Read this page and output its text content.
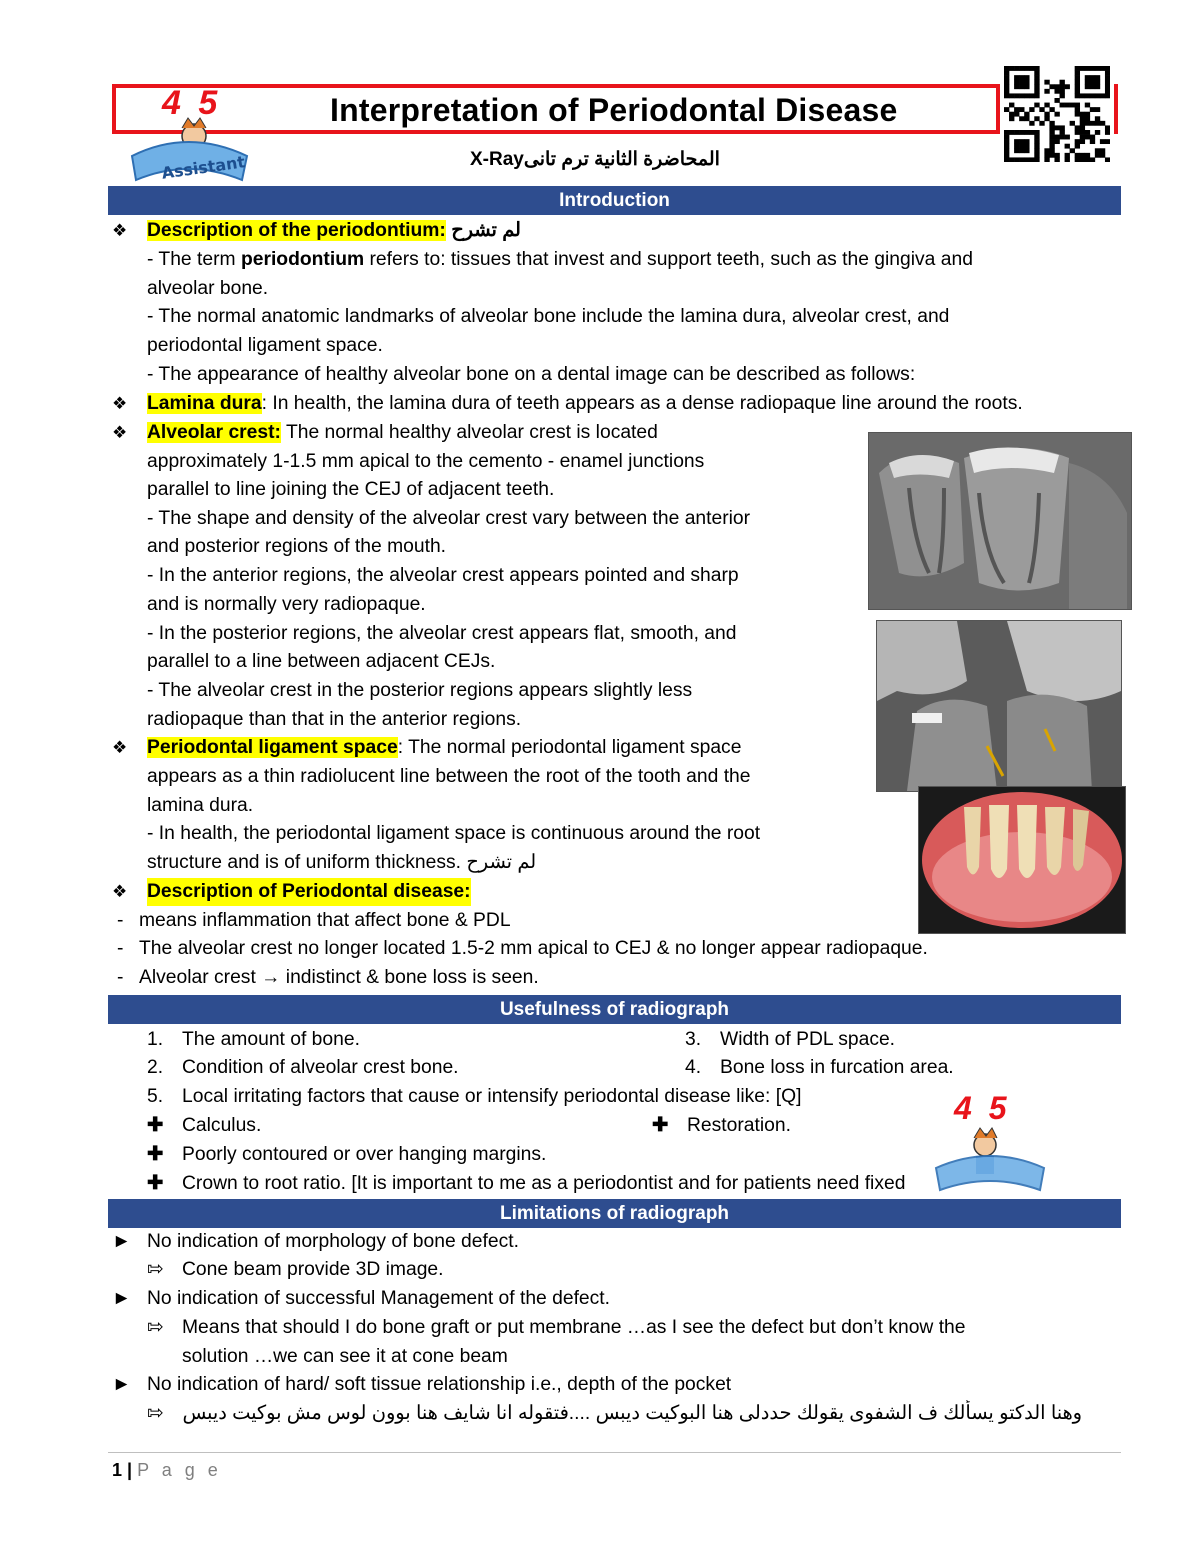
4 5
Assistant
Interpretation of Periodontal Disease
المحاضرة الثانية ترم تانىX-Ray
Introduction
❖ Description of the periodontium: لم تشرح
- The term periodontium refers to: tissues that invest and support teeth, such as the gingiva and
alveolar bone.
- The normal anatomic landmarks of alveolar bone include the lamina dura, alveolar crest, and
periodontal ligament space.
- The appearance of healthy alveolar bone on a dental image can be described as follows:
❖ Lamina dura: In health, the lamina dura of teeth appears as a dense radiopaque line around the roots.
❖ Alveolar crest: The normal healthy alveolar crest is located
approximately 1-1.5 mm apical to the cemento - enamel junctions
parallel to line joining the CEJ of adjacent teeth.
- The shape and density of the alveolar crest vary between the anterior
and posterior regions of the mouth.
- In the anterior regions, the alveolar crest appears pointed and sharp
and is normally very radiopaque.
- In the posterior regions, the alveolar crest appears flat, smooth, and
parallel to a line between adjacent CEJs.
- The alveolar crest in the posterior regions appears slightly less
radiopaque than that in the anterior regions.
❖ Periodontal ligament space: The normal periodontal ligament space
appears as a thin radiolucent line between the root of the tooth and the
lamina dura.
- In health, the periodontal ligament space is continuous around the root
structure and is of uniform thickness. لم تشرح
❖ Description of Periodontal disease:
- means inflammation that affect bone & PDL
- The alveolar crest no longer located 1.5-2 mm apical to CEJ & no longer appear radiopaque.
- Alveolar crest → indistinct & bone loss is seen.
Usefulness of radiograph
1. The amount of bone.	3. Width of PDL space.
2. Condition of alveolar crest bone.	4. Bone loss in furcation area.
5. Local irritating factors that cause or intensify periodontal disease like: [Q]
✚ Calculus.	✚ Restoration.
✚ Poorly contoured or over hanging margins.
✚ Crown to root ratio. [It is important to me as a periodontist and for patients need fixed
4 5
Limitations of radiograph
► No indication of morphology of bone defect.
⇰ Cone beam provide 3D image.
► No indication of successful Management of the defect.
⇰ Means that should I do bone graft or put membrane …as I see the defect but don’t know the
solution …we can see it at cone beam
► No indication of hard/ soft tissue relationship i.e., depth of the pocket
⇰ وهنا الدكتو يسألك ف الشفوى يقولك حددلى هنا البوكيت ديبس ....فتقوله انا شايف هنا بوون لوس مش بوكيت ديبس
1 | P a g e
